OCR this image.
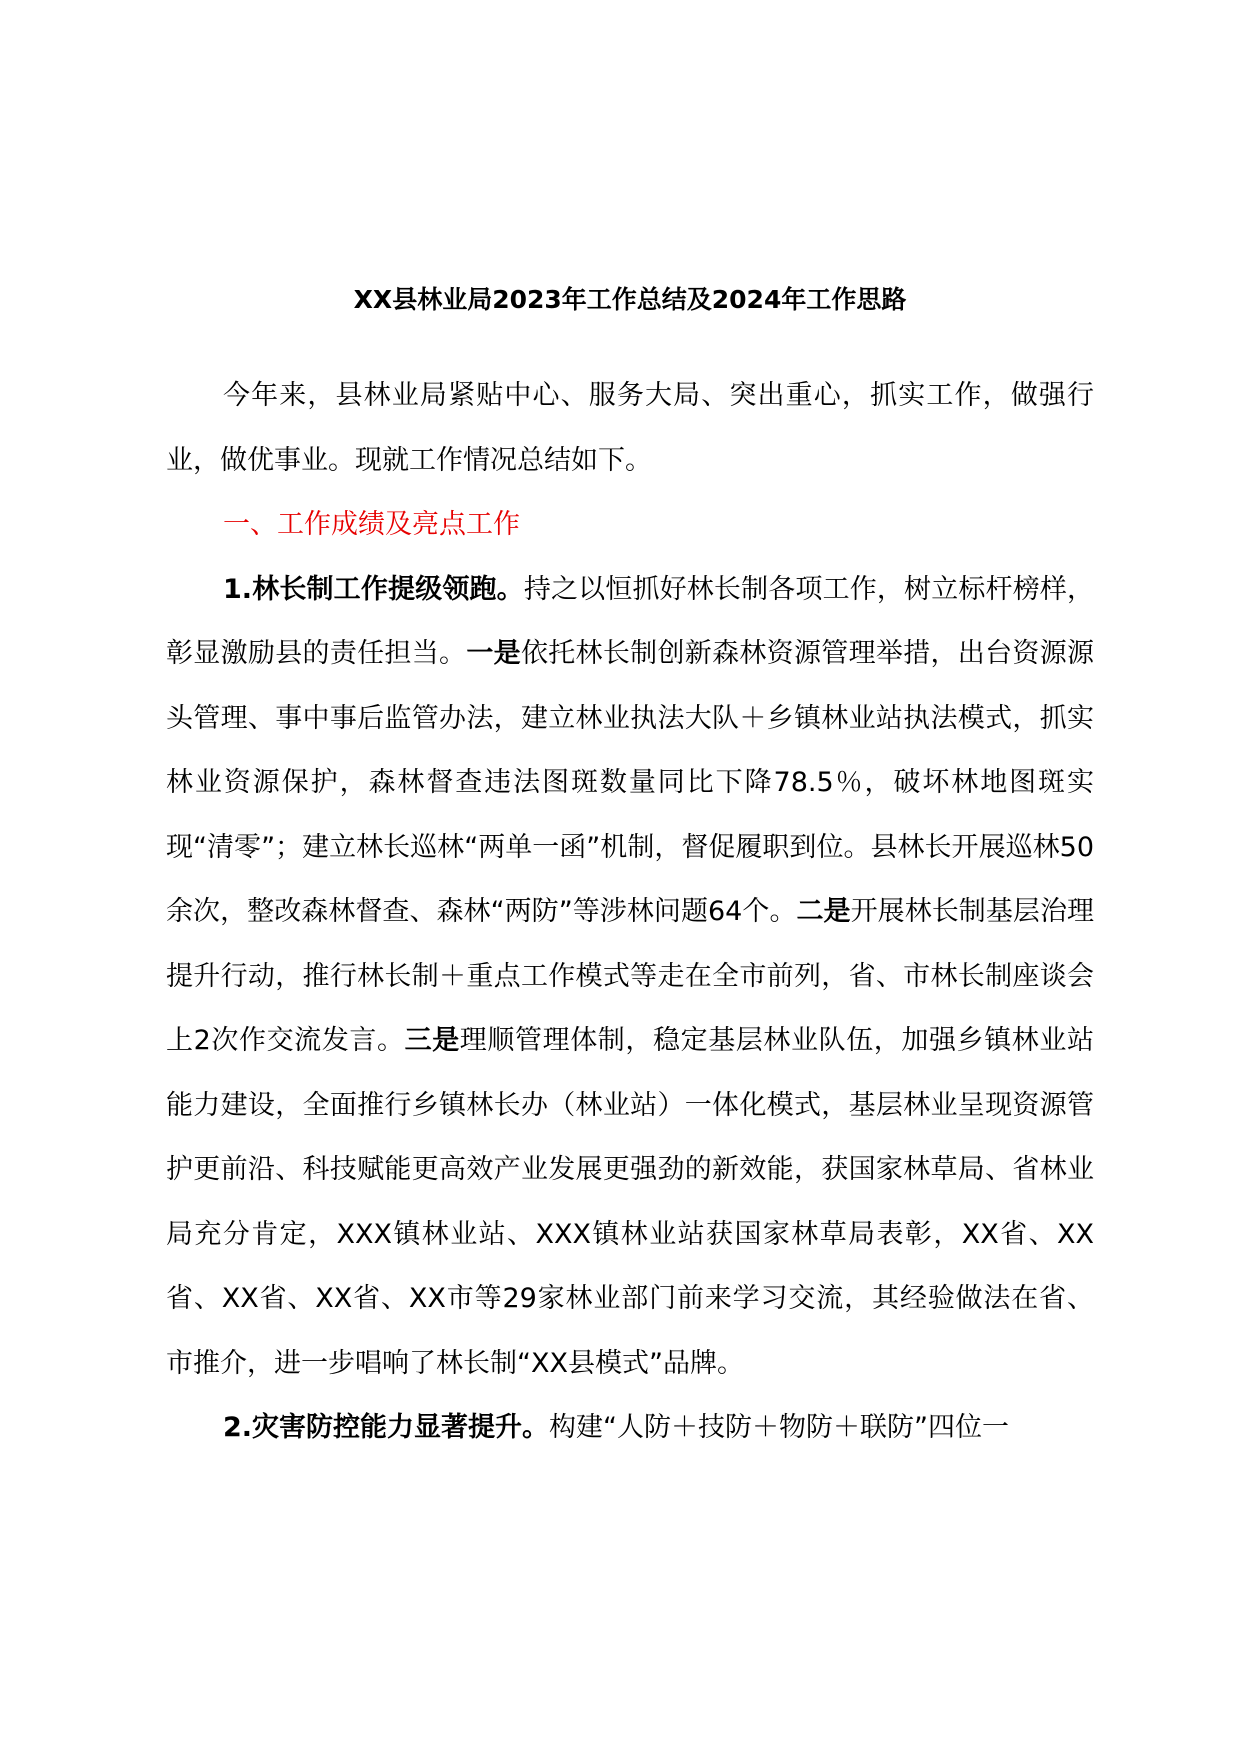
XX县林业局2023年工作总结及2024年工作思路

今年来，县林业局紧贴中心、服务大局、突出重心，抓实工作，做强行业，做优事业。现就工作情况总结如下。

一、工作成绩及亮点工作

1.林长制工作提级领跑。持之以恒抓好林长制各项工作，树立标杆榜样，彰显激励县的责任担当。一是依托林长制创新森林资源管理举措，出台资源源头管理、事中事后监管办法，建立林业执法大队＋乡镇林业站执法模式，抓实林业资源保护，森林督查违法图斑数量同比下降78.5％，破坏林地图斑实现“清零”；建立林长巡林“两单一函”机制，督促履职到位。县林长开展巡林50余次，整改森林督查、森林“两防”等涉林问题64个。二是开展林长制基层治理提升行动，推行林长制＋重点工作模式等走在全市前列，省、市林长制座谈会上2次作交流发言。三是理顺管理体制，稳定基层林业队伍，加强乡镇林业站能力建设，全面推行乡镇林长办（林业站）一体化模式，基层林业呈现资源管护更前沿、科技赋能更高效产业发展更强劲的新效能，获国家林草局、省林业局充分肯定，XXX镇林业站、XXX镇林业站获国家林草局表彰，XX省、XX省、XX省、XX省、XX市等29家林业部门前来学习交流，其经验做法在省、市推介，进一步唱响了林长制“XX县模式”品牌。

2.灾害防控能力显著提升。构建“人防＋技防＋物防＋联防”四位一
